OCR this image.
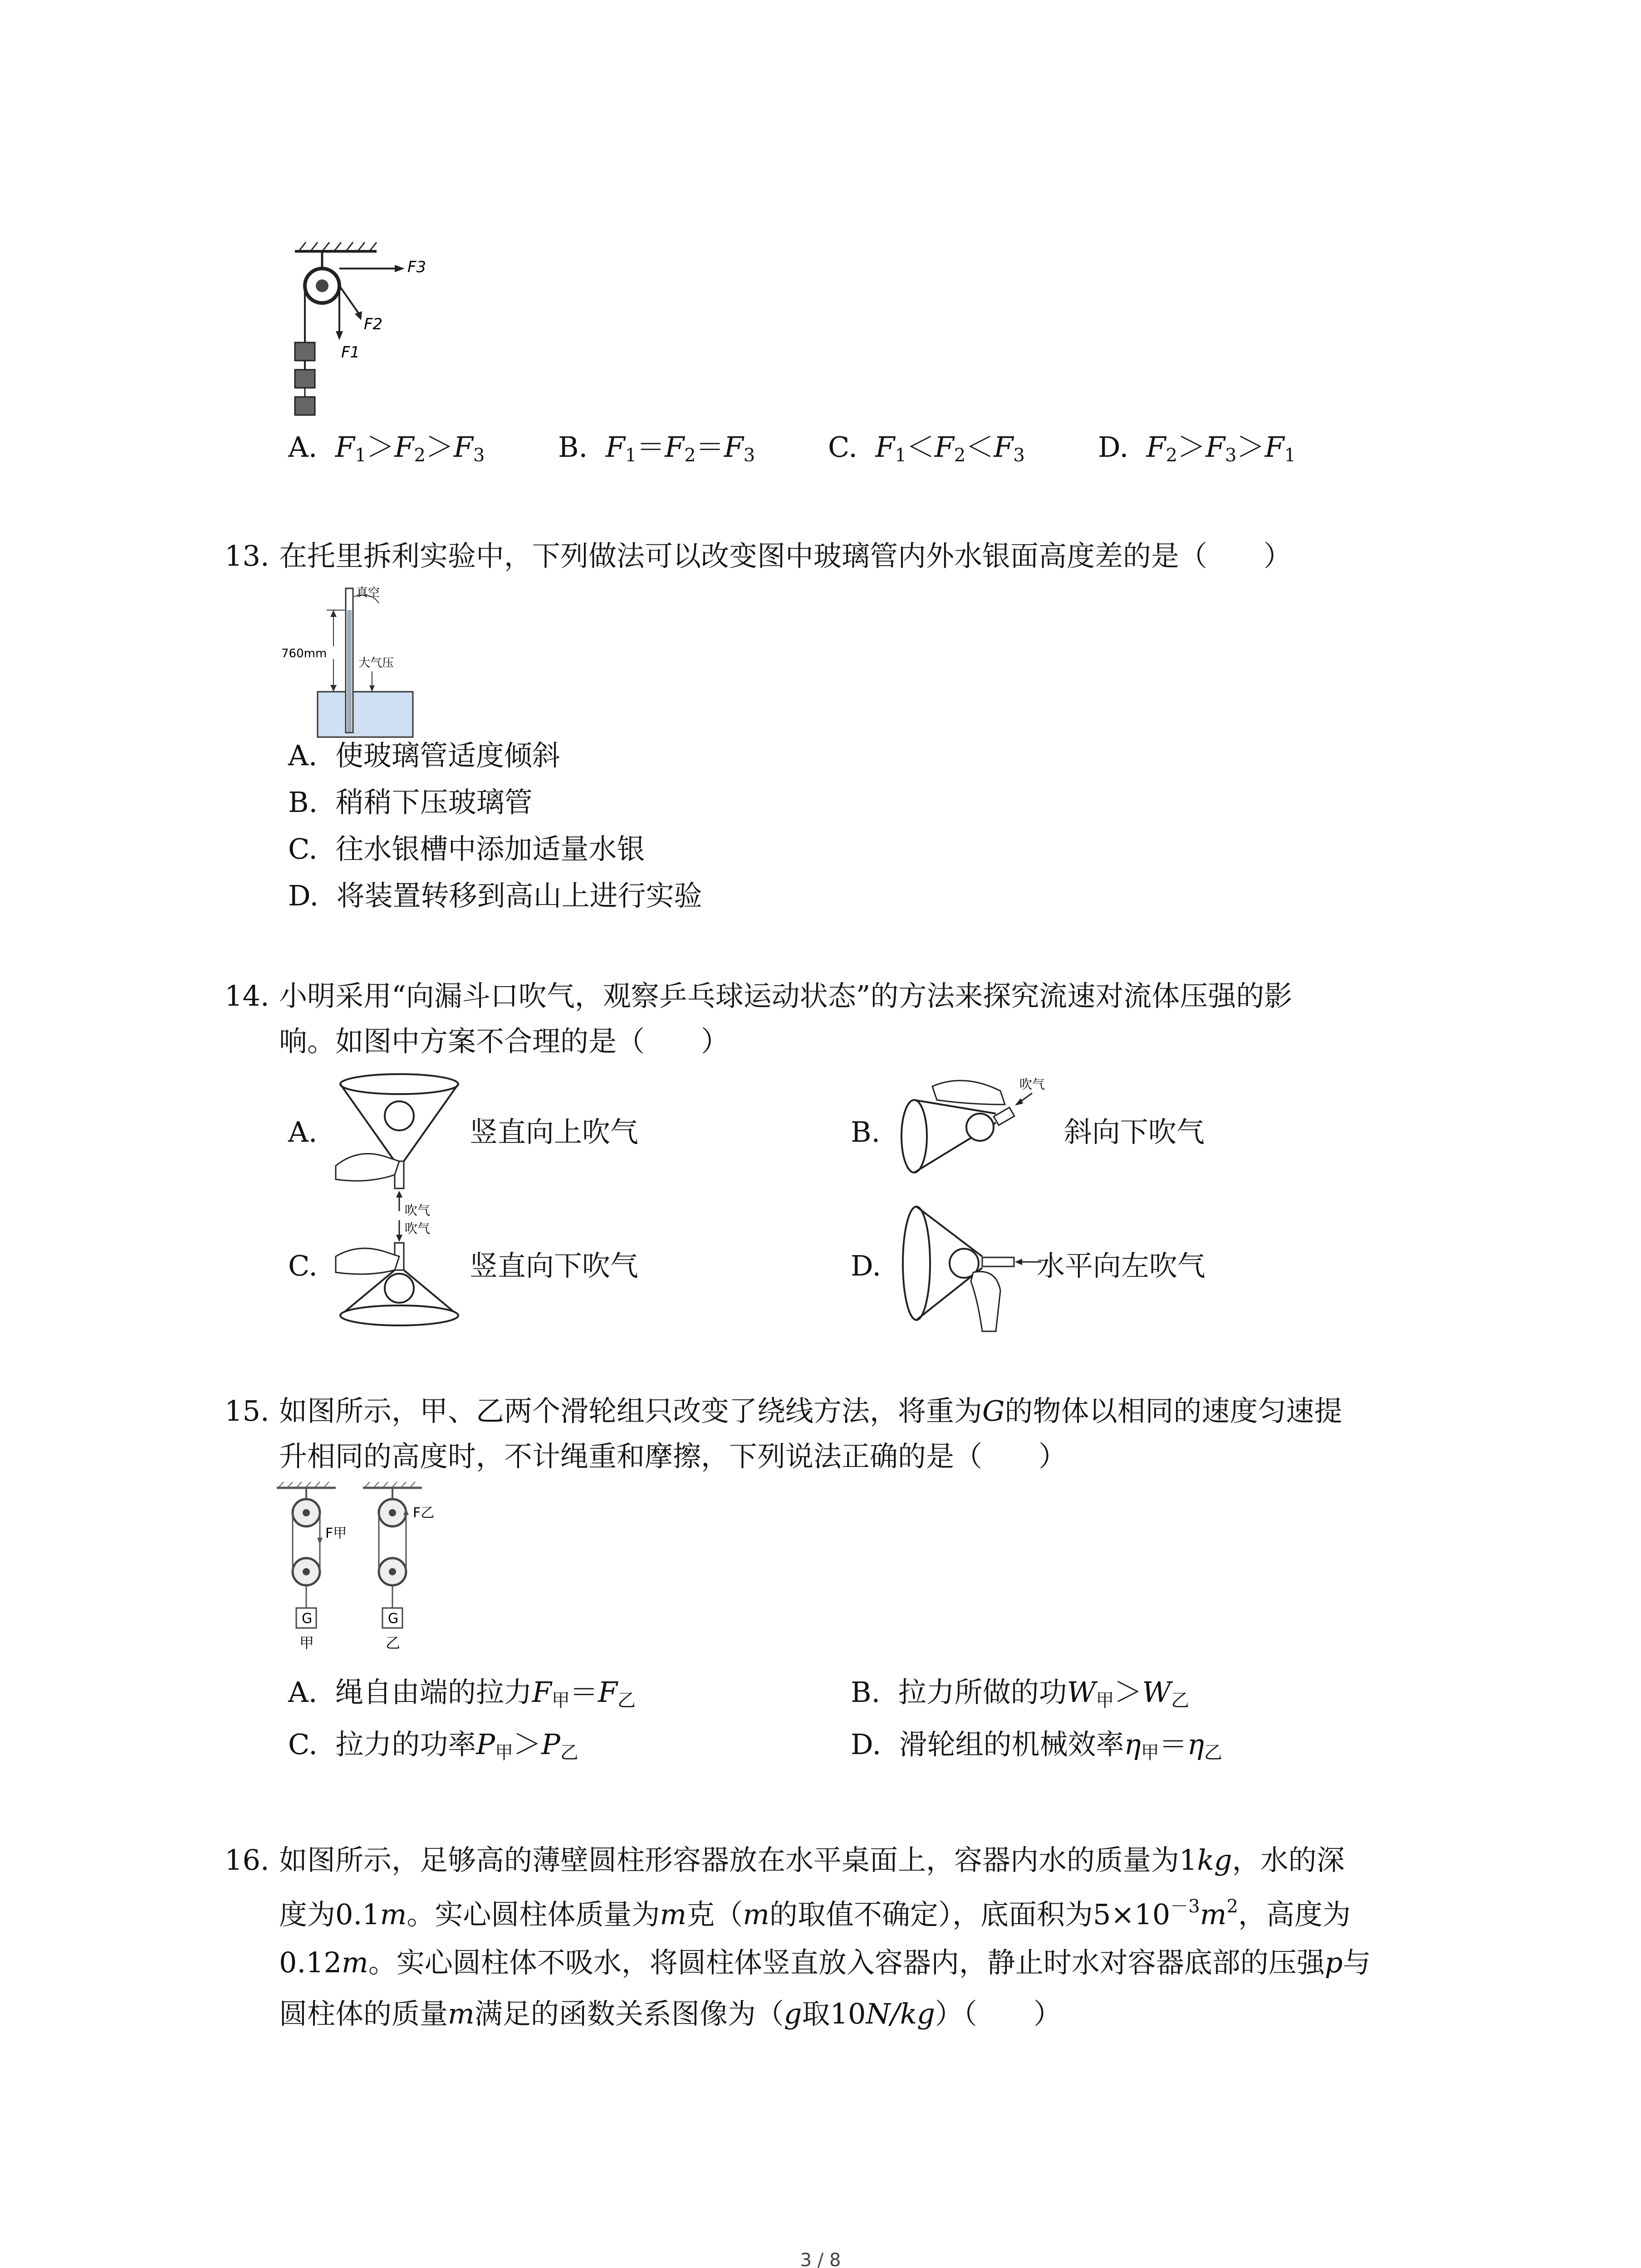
F3
F2
F1
A. $F_1>F_2>F_3$	B. $F_1=F_2=F_3$	C. $F_1<F_2<F_3$	D. $F_2>F_3>F_1$
13. 在托里拆利实验中，下列做法可以改变图中玻璃管内外水银面高度差的是（　　）
760mm
真空
大气压
A. 使玻璃管适度倾斜
B. 稍稍下压玻璃管
C. 往水银槽中添加适量水银
D. 将装置转移到高山上进行实验
14. 小明采用“向漏斗口吹气，观察乒乓球运动状态”的方法来探究流速对流体压强的影
响。如图中方案不合理的是（　　）
吹气
A.	竖直向上吹气
吹气
B.	斜向下吹气
吹气
C.	竖直向下吹气	D.	水平向左吹气
15. 如图所示，甲、乙两个滑轮组只改变了绕线方法，将重为G的物体以相同的速度匀速提
升相同的高度时，不计绳重和摩擦，下列说法正确的是（　　）
F甲
G
甲
F乙
G
乙
A. 绳自由端的拉力$F_甲=F_乙$	B. 拉力所做的功$W_甲>W_乙$
C. 拉力的功率$P_甲>P_乙$	D. 滑轮组的机械效率$\eta_甲=\eta_乙$
16. 如图所示，足够高的薄壁圆柱形容器放在水平桌面上，容器内水的质量为1kg，水的深
度为0.1m。实心圆柱体质量为m克（m的取值不确定），底面积为$5\times 10^{-3}m^2$，高度为
0.12m。实心圆柱体不吸水，将圆柱体竖直放入容器内，静止时水对容器底部的压强p与
圆柱体的质量m满足的函数关系图像为（g取10N/kg）（　　）
3 / 8
